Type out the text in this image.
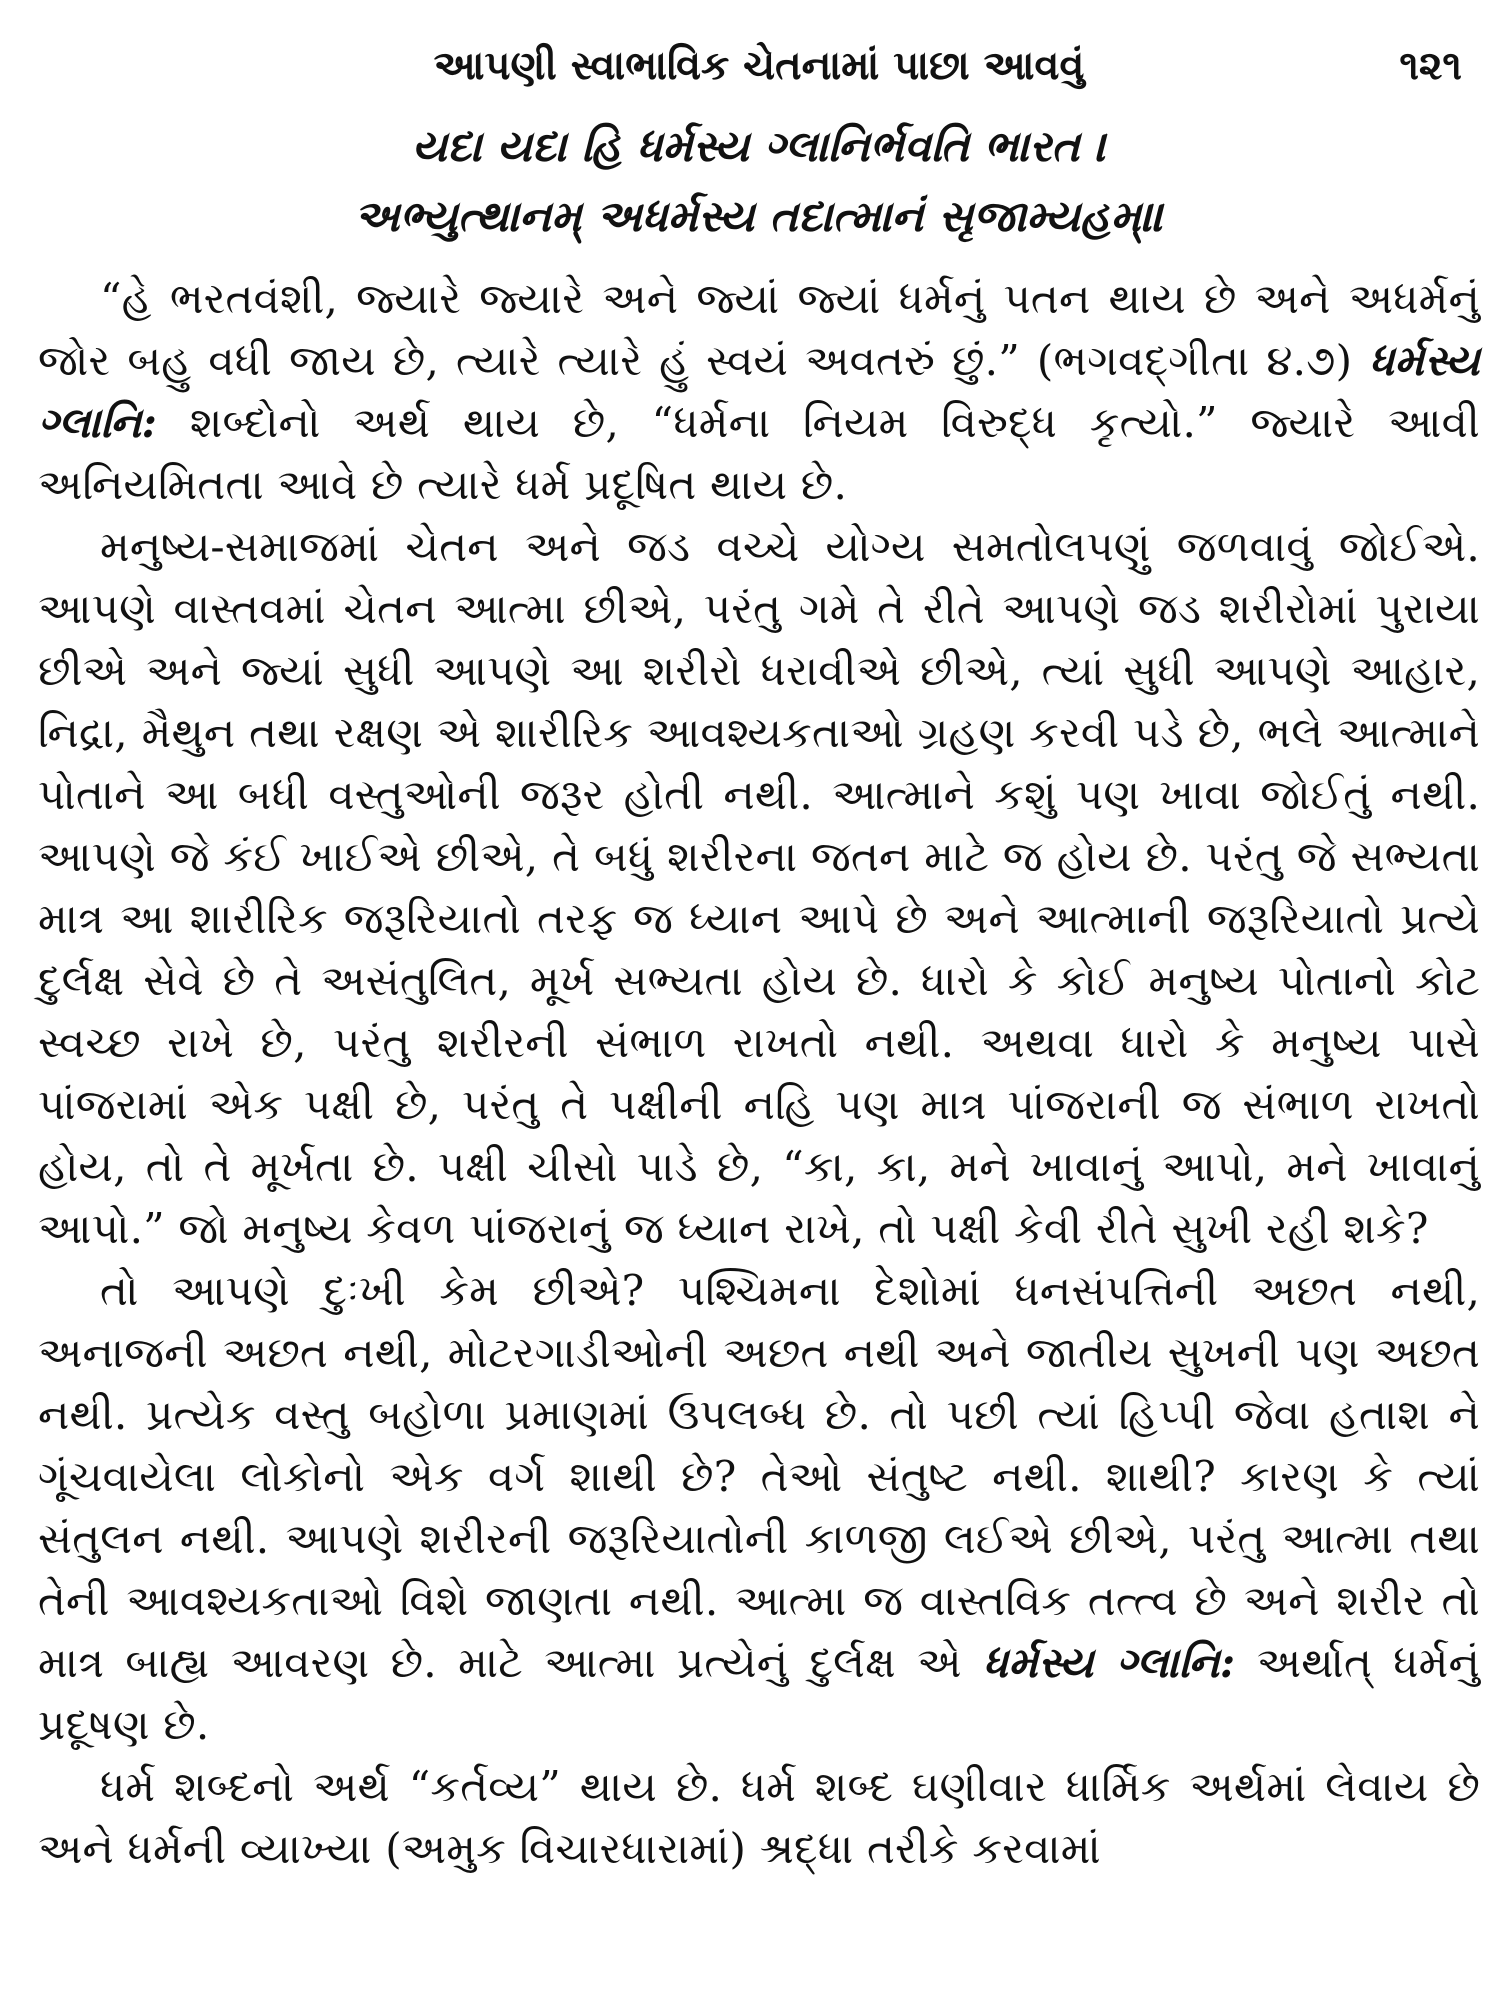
આપણી સ્વાભાવિક ચેતનામાં પાછા આવવું	૧૨૧
યદા યદા હિ ધર્મસ્ય ગ્લાનિર્ભવતિ ભારત ।
અભ્યુત્થાનમ્ અધર્મસ્ય તદાત્માનં સૃજામ્યહમ્॥

“હે ભરતવંશી, જ્યારે જ્યારે અને જ્યાં જ્યાં ધર્મનું પતન થાય છે અને અધર્મનું જોર બહુ વધી જાય છે, ત્યારે ત્યારે હું સ્વયં અવતરું છું.” (ભગવદ્ગીતા ૪.૭) ધર્મસ્ય ગ્લાનિ: શબ્દોનો અર્થ થાય છે, “ધર્મના નિયમ વિરુદ્ધ કૃત્યો.” જ્યારે આવી અનિયમિતતા આવે છે ત્યારે ધર્મ પ્રદૂષિત થાય છે.

મનુષ્ય-સમાજમાં ચેતન અને જડ વચ્ચે યોગ્ય સમતોલપણું જળવાવું જોઈએ. આપણે વાસ્તવમાં ચેતન આત્મા છીએ, પરંતુ ગમે તે રીતે આપણે જડ શરીરોમાં પુરાયા છીએ અને જ્યાં સુધી આપણે આ શરીરો ધરાવીએ છીએ, ત્યાં સુધી આપણે આહાર, નિદ્રા, મૈથુન તથા રક્ષણ એ શારીરિક આવશ્યકતાઓ ગ્રહણ કરવી પડે છે, ભલે આત્માને પોતાને આ બધી વસ્તુઓની જરૂર હોતી નથી. આત્માને કશું પણ ખાવા જોઈતું નથી. આપણે જે કંઈ ખાઈએ છીએ, તે બધું શરીરના જતન માટે જ હોય છે. પરંતુ જે સભ્યતા માત્ર આ શારીરિક જરૂરિયાતો તરફ જ ધ્યાન આપે છે અને આત્માની જરૂરિયાતો પ્રત્યે દુર્લક્ષ સેવે છે તે અસંતુલિત, મૂર્ખ સભ્યતા હોય છે. ધારો કે કોઈ મનુષ્ય પોતાનો કોટ સ્વચ્છ રાખે છે, પરંતુ શરીરની સંભાળ રાખતો નથી. અથવા ધારો કે મનુષ્ય પાસે પાંજરામાં એક પક્ષી છે, પરંતુ તે પક્ષીની નહિ પણ માત્ર પાંજરાની જ સંભાળ રાખતો હોય, તો તે મૂર્ખતા છે. પક્ષી ચીસો પાડે છે, “કા, કા, મને ખાવાનું આપો, મને ખાવાનું આપો.” જો મનુષ્ય કેવળ પાંજરાનું જ ધ્યાન રાખે, તો પક્ષી કેવી રીતે સુખી રહી શકે?

તો આપણે દુઃખી કેમ છીએ? પશ્ચિમના દેશોમાં ધનસંપત્તિની અછત નથી, અનાજની અછત નથી, મોટરગાડીઓની અછત નથી અને જાતીય સુખની પણ અછત નથી. પ્રત્યેક વસ્તુ બહોળા પ્રમાણમાં ઉપલબ્ધ છે. તો પછી ત્યાં હિપ્પી જેવા હતાશ ને ગૂંચવાયેલા લોકોનો એક વર્ગ શાથી છે? તેઓ સંતુષ્ટ નથી. શાથી? કારણ કે ત્યાં સંતુલન નથી. આપણે શરીરની જરૂરિયાતોની કાળજી લઈએ છીએ, પરંતુ આત્મા તથા તેની આવશ્યકતાઓ વિશે જાણતા નથી. આત્મા જ વાસ્તવિક તત્ત્વ છે અને શરીર તો માત્ર બાહ્ય આવરણ છે. માટે આત્મા પ્રત્યેનું દુર્લક્ષ એ ધર્મસ્ય ગ્લાનિ: અર્થાત્ ધર્મનું પ્રદૂષણ છે.

ધર્મ શબ્દનો અર્થ “કર્તવ્ય” થાય છે. ધર્મ શબ્દ ઘણીવાર ધાર્મિક અર્થમાં લેવાય છે અને ધર્મની વ્યાખ્યા (અમુક વિચારધારામાં) શ્રદ્ધા તરીકે કરવામાં
